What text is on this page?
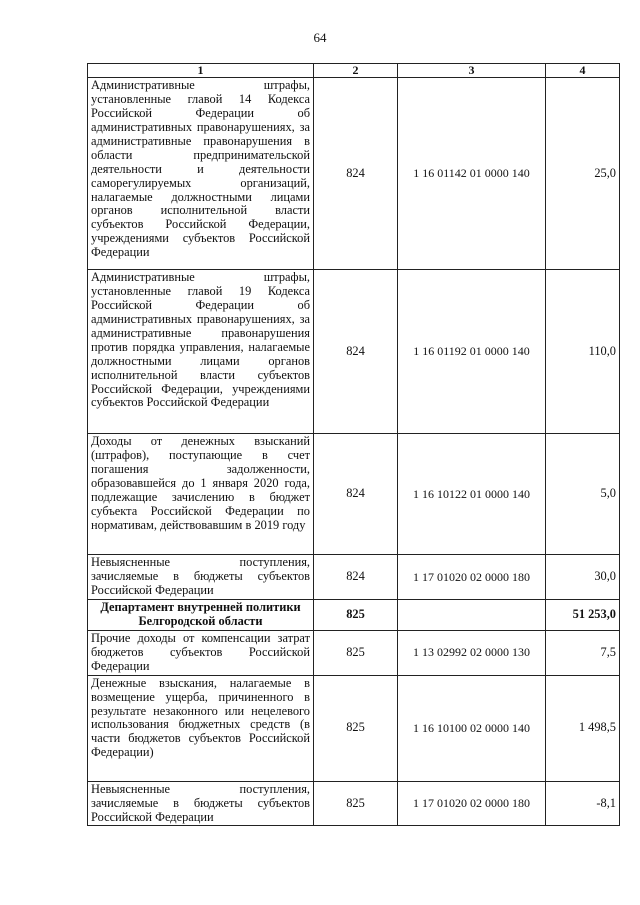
64
1	2	3	4
Административные штрафы, установленные главой 14 Кодекса Российской Федерации об административных правонарушениях, за административные правонарушения в области предпринимательской деятельности и деятельности саморегулируемых организаций, налагаемые должностными лицами органов исполнительной власти субъектов Российской Федерации, учреждениями субъектов Российской Федерации	824	1 16 01142 01 0000 140	25,0
Административные штрафы, установленные главой 19 Кодекса Российской Федерации об административных правонарушениях, за административные правонарушения против порядка управления, налагаемые должностными лицами органов исполнительной власти субъектов Российской Федерации, учреждениями субъектов Российской Федерации	824	1 16 01192 01 0000 140	110,0
Доходы от денежных взысканий (штрафов), поступающие в счет погашения задолженности, образовавшейся до 1 января 2020 года, подлежащие зачислению в бюджет субъекта Российской Федерации по нормативам, действовавшим в 2019 году	824	1 16 10122 01 0000 140	5,0
Невыясненные поступления, зачисляемые в бюджеты субъектов Российской Федерации	824	1 17 01020 02 0000 180	30,0
Департамент внутренней политики Белгородской области	825		51 253,0
Прочие доходы от компенсации затрат бюджетов субъектов Российской Федерации	825	1 13 02992 02 0000 130	7,5
Денежные взыскания, налагаемые в возмещение ущерба, причиненного в результате незаконного или нецелевого использования бюджетных средств (в части бюджетов субъектов Российской Федерации)	825	1 16 10100 02 0000 140	1 498,5
Невыясненные поступления, зачисляемые в бюджеты субъектов Российской Федерации	825	1 17 01020 02 0000 180	-8,1
